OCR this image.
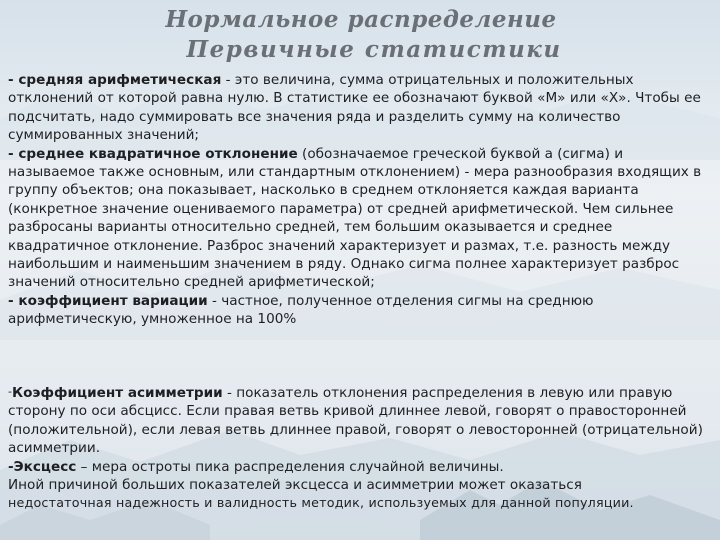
Нормальное распределение
Первичные статистики

- средняя арифметическая - это величина, сумма отрицательных и положительных отклонений от которой равна нулю. В статистике ее обозначают буквой «М» или «Х». Чтобы ее подсчитать, надо суммировать все значения ряда и разделить сумму на количество суммированных значений;
- среднее квадратичное отклонение (обозначаемое греческой буквой а (сигма) и называемое также основным, или стандартным отклонением) - мера разнообразия входящих в группу объектов; она показывает, насколько в среднем отклоняется каждая варианта (конкретное значение оцениваемого параметра) от средней арифметической. Чем сильнее разбросаны варианты относительно средней, тем большим оказывается и среднее квадратичное отклонение. Разброс значений характеризует и размах, т.е. разность между наибольшим и наименьшим значением в ряду. Однако сигма полнее характеризует разброс значений относительно средней арифметической;
- коэффициент вариации - частное, полученное отделения сигмы на среднюю арифметическую, умноженное на 100%

-Коэффициент асимметрии - показатель отклонения распределения в левую или правую сторону по оси абсцисс. Если правая ветвь кривой длиннее левой, говорят о правосторонней (положительной), если левая ветвь длиннее правой, говорят о левосторонней (отрицательной) асимметрии.
-Эксцесс – мера остроты пика распределения случайной величины.
Иной причиной больших показателей эксцесса и асимметрии может оказаться
недостаточная надежность и валидность методик, используемых для данной популяции.
